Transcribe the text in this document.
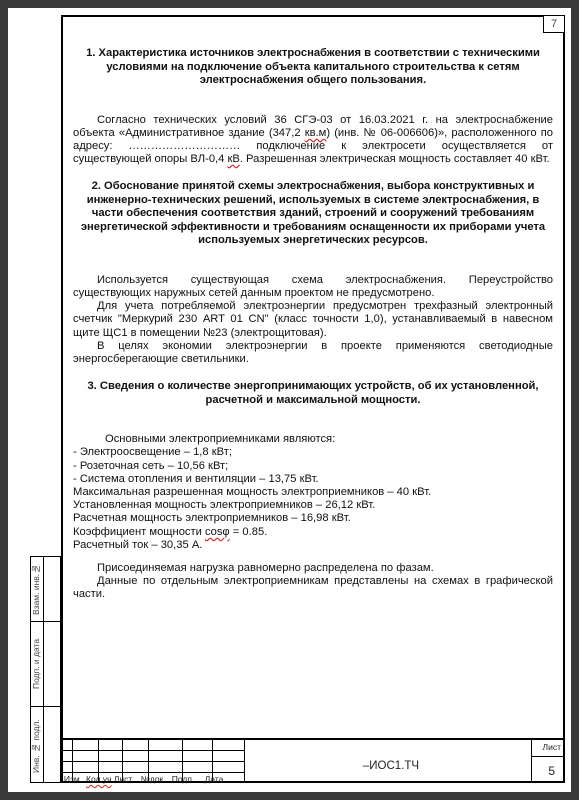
7
1. Характеристика источников электроснабжения в соответствии с техническими условиями на подключение объекта капитального строительства к сетям электроснабжения общего пользования.

Согласно технических условий 36 СГЭ-03 от 16.03.2021 г. на электроснабжение объекта «Административное здание (347,2 кв.м) (инв. № 06-006606)», расположенного по адресу: ………………………… подключение к электросети осуществляется от существующей опоры ВЛ-0,4 кВ. Разрешенная электрическая мощность составляет 40 кВт.

2. Обоснование принятой схемы электроснабжения, выбора конструктивных и инженерно-технических решений, используемых в системе электроснабжения, в части обеспечения соответствия зданий, строений и сооружений требованиям энергетической эффективности и требованиям оснащенности их приборами учета используемых энергетических ресурсов.

Используется существующая схема электроснабжения. Переустройство существующих наружных сетей данным проектом не предусмотрено.

Для учета потребляемой электроэнергии предусмотрен трехфазный электронный счетчик "Меркурий 230 ART 01 CN" (класс точности 1,0), устанавливаемый в навесном щите ЩС1 в помещении №23 (электрощитовая).

В целях экономии электроэнергии в проекте применяются светодиодные энергосберегающие светильники.

3. Сведения о количестве энергопринимающих устройств, об их установленной, расчетной и максимальной мощности.

Основными электроприемниками являются:

- Электроосвещение – 1,8 кВт;

- Розеточная сеть – 10,56 кВт;

- Система отопления и вентиляции – 13,75 кВт.

Максимальная разрешенная мощность электроприемников – 40 кВт.

Установленная мощность электроприемников – 26,12 кВт.

Расчетная мощность электроприемников – 16,98 кВт.

Коэффициент мощности cosφ = 0.85.

Расчетный ток – 30,35 А.

Присоединяемая нагрузка равномерно распределена по фазам.

Данные по отдельным электроприемникам представлены на схемах в графической части.

Взам. инв.№
Подп. и дата
Инв. № подл.
Изм. Кол.уч Лист	№док Подп.	Дата
–ИОС1.ТЧ
Лист
5
